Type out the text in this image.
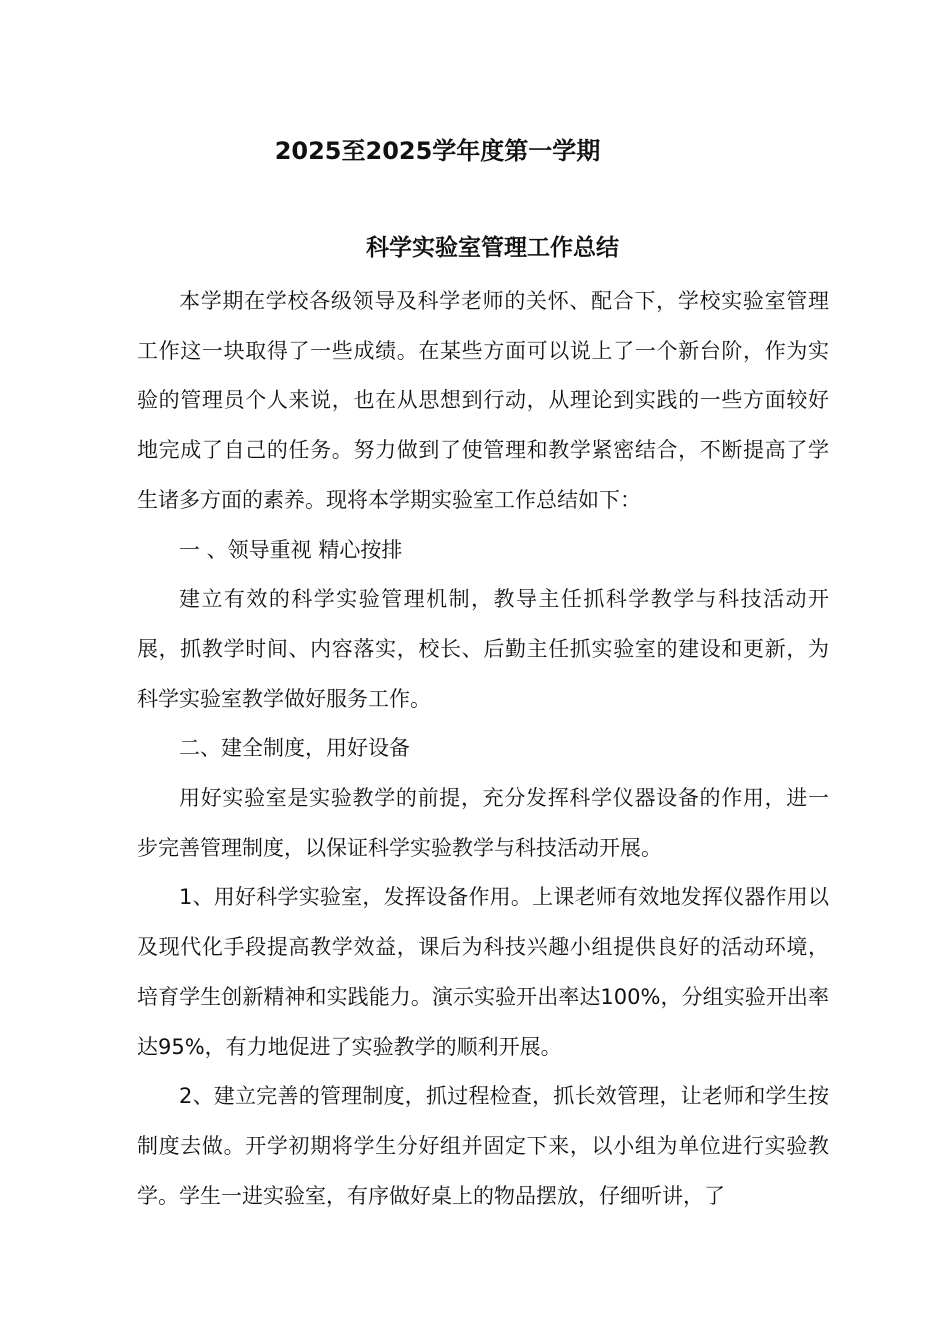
2025至2025学年度第一学期
科学实验室管理工作总结

本学期在学校各级领导及科学老师的关怀、配合下，学校实验室管理工作这一块取得了一些成绩。在某些方面可以说上了一个新台阶，作为实验的管理员个人来说，也在从思想到行动，从理论到实践的一些方面较好地完成了自己的任务。努力做到了使管理和教学紧密结合，不断提高了学生诸多方面的素养。现将本学期实验室工作总结如下：

一 、领导重视 精心按排

建立有效的科学实验管理机制，教导主任抓科学教学与科技活动开展，抓教学时间、内容落实，校长、后勤主任抓实验室的建设和更新，为科学实验室教学做好服务工作。

二、建全制度，用好设备

用好实验室是实验教学的前提，充分发挥科学仪器设备的作用，进一步完善管理制度，以保证科学实验教学与科技活动开展。

1、用好科学实验室，发挥设备作用。上课老师有效地发挥仪器作用以及现代化手段提高教学效益，课后为科技兴趣小组提供良好的活动环境，培育学生创新精神和实践能力。演示实验开出率达100%，分组实验开出率达95%，有力地促进了实验教学的顺利开展。

2、建立完善的管理制度，抓过程检查，抓长效管理，让老师和学生按制度去做。开学初期将学生分好组并固定下来，以小组为单位进行实验教学。学生一进实验室，有序做好桌上的物品摆放，仔细听讲，了
